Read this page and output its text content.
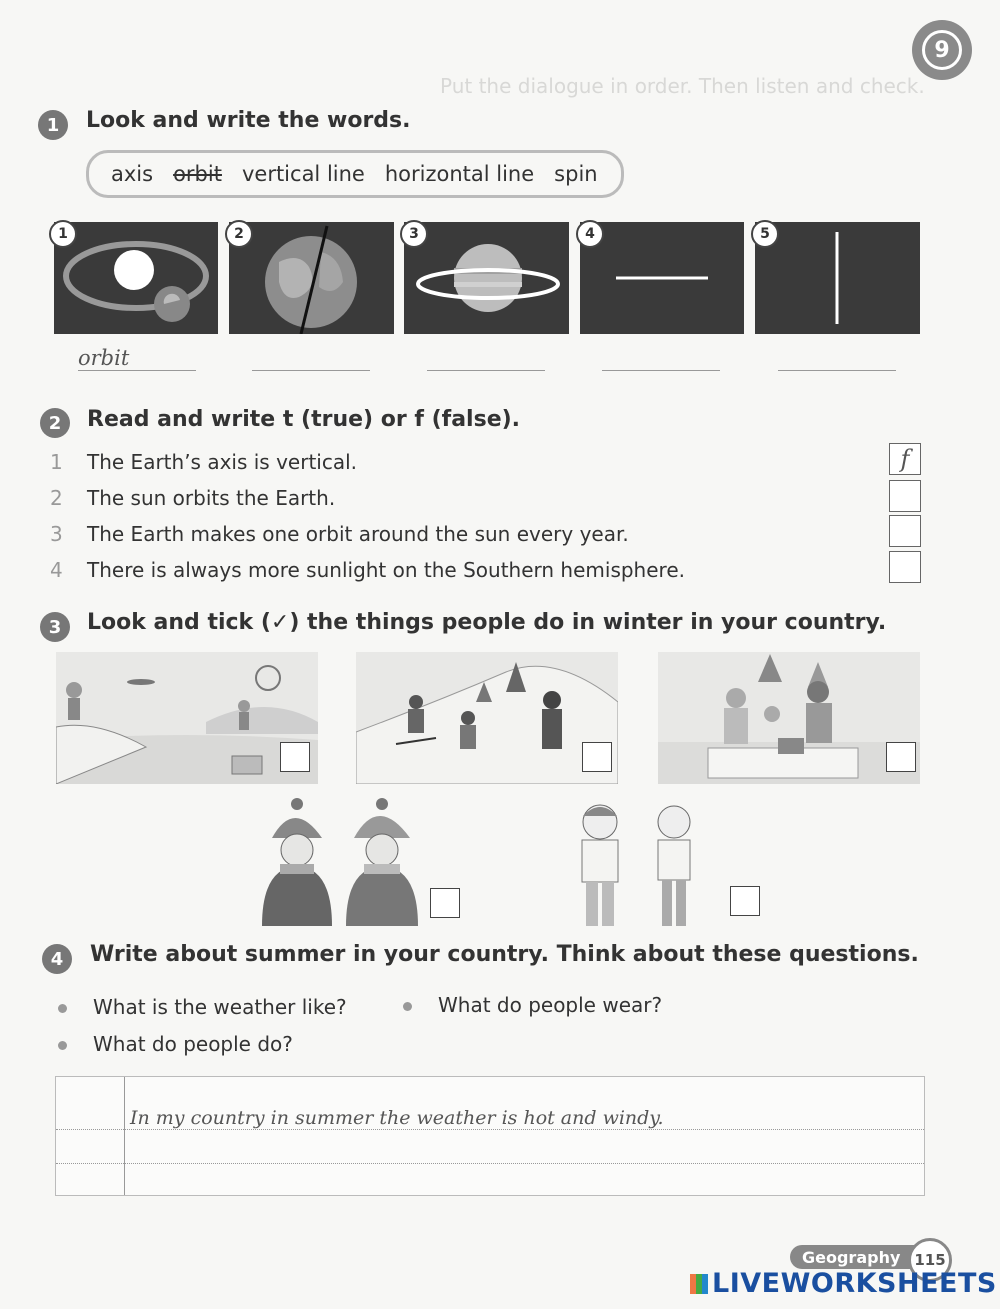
9
Put the dialogue in order. Then listen and check.
1	Look and write the words.
axis orbit vertical line horizontal line spin
1	2	3	4	5
orbit
2	Read and write t (true) or f (false).
1 The Earth’s axis is vertical.
2 The sun orbits the Earth.
3 The Earth makes one orbit around the sun every year.
4 There is always more sunlight on the Southern hemisphere.
f
3	Look and tick (✓) the things people do in winter in your country.
4	Write about summer in your country. Think about these questions.
What is the weather like?	What do people wear?
What do people do?
In my country in summer the weather is hot and windy.
Geography 115
LIVEWORKSHEETS
